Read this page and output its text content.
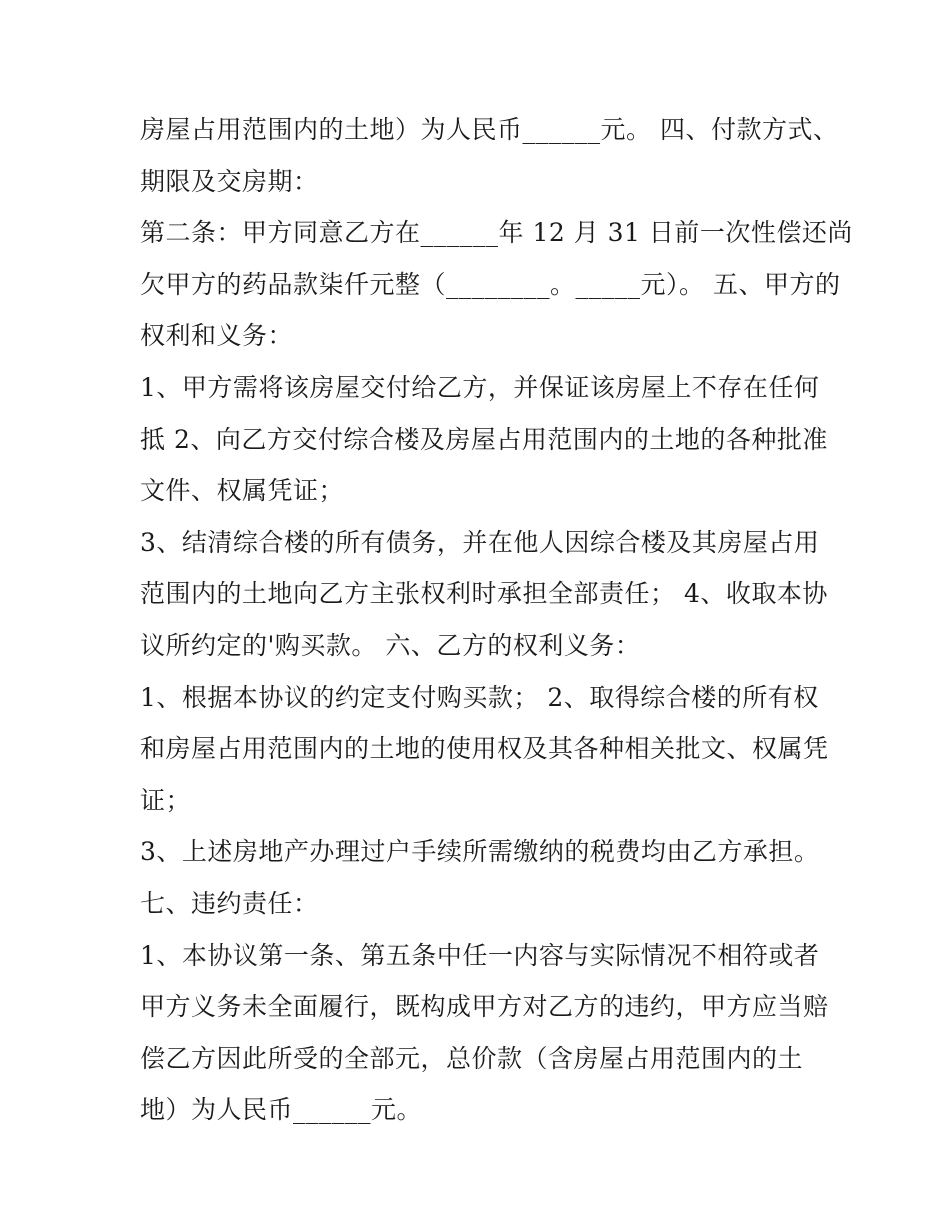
房屋占用范围内的土地）为人民币______元。 四、付款方式、
期限及交房期：
第二条：甲方同意乙方在______年 12 月 31 日前一次性偿还尚
欠甲方的药品款柒仟元整（________。_____元）。 五、甲方的
权利和义务：
1、甲方需将该房屋交付给乙方，并保证该房屋上不存在任何
抵 2、向乙方交付综合楼及房屋占用范围内的土地的各种批准
文件、权属凭证；
3、结清综合楼的所有债务，并在他人因综合楼及其房屋占用
范围内的土地向乙方主张权利时承担全部责任； 4、收取本协
议所约定的'购买款。 六、乙方的权利义务：
1、根据本协议的约定支付购买款； 2、取得综合楼的所有权
和房屋占用范围内的土地的使用权及其各种相关批文、权属凭
证；
3、上述房地产办理过户手续所需缴纳的税费均由乙方承担。
七、违约责任：
1、本协议第一条、第五条中任一内容与实际情况不相符或者
甲方义务未全面履行，既构成甲方对乙方的违约，甲方应当赔
偿乙方因此所受的全部元，总价款（含房屋占用范围内的土
地）为人民币______元。
